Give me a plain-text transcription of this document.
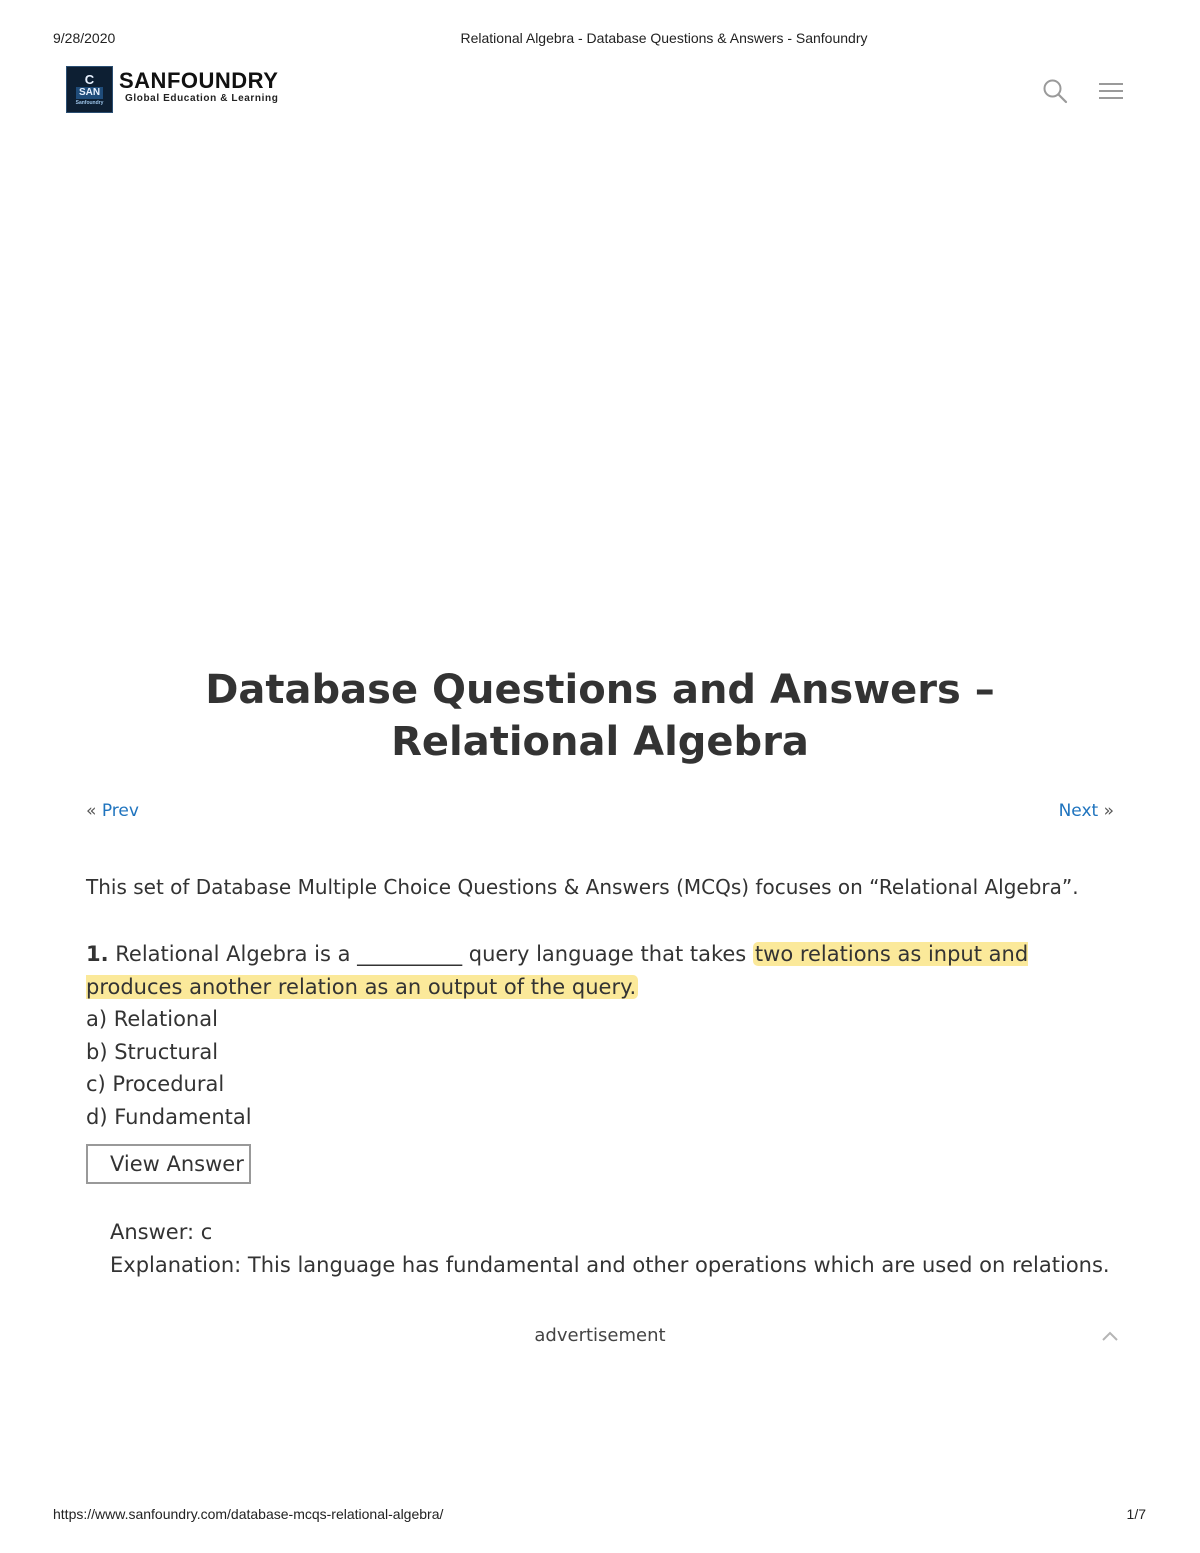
9/28/2020	Relational Algebra - Database Questions & Answers - Sanfoundry
C
SAN
Sanfoundry
SANFOUNDRY
Global Education & Learning
Database Questions and Answers – Relational Algebra
« Prev	Next »

This set of Database Multiple Choice Questions & Answers (MCQs) focuses on “Relational Algebra”.

1. Relational Algebra is a __________ query language that takes two relations as input and produces another relation as an output of the query.
a) Relational
b) Structural
c) Procedural
d) Fundamental
View Answer
Answer: c
Explanation: This language has fundamental and other operations which are used on relations.
advertisement
https://www.sanfoundry.com/database-mcqs-relational-algebra/	1/7
